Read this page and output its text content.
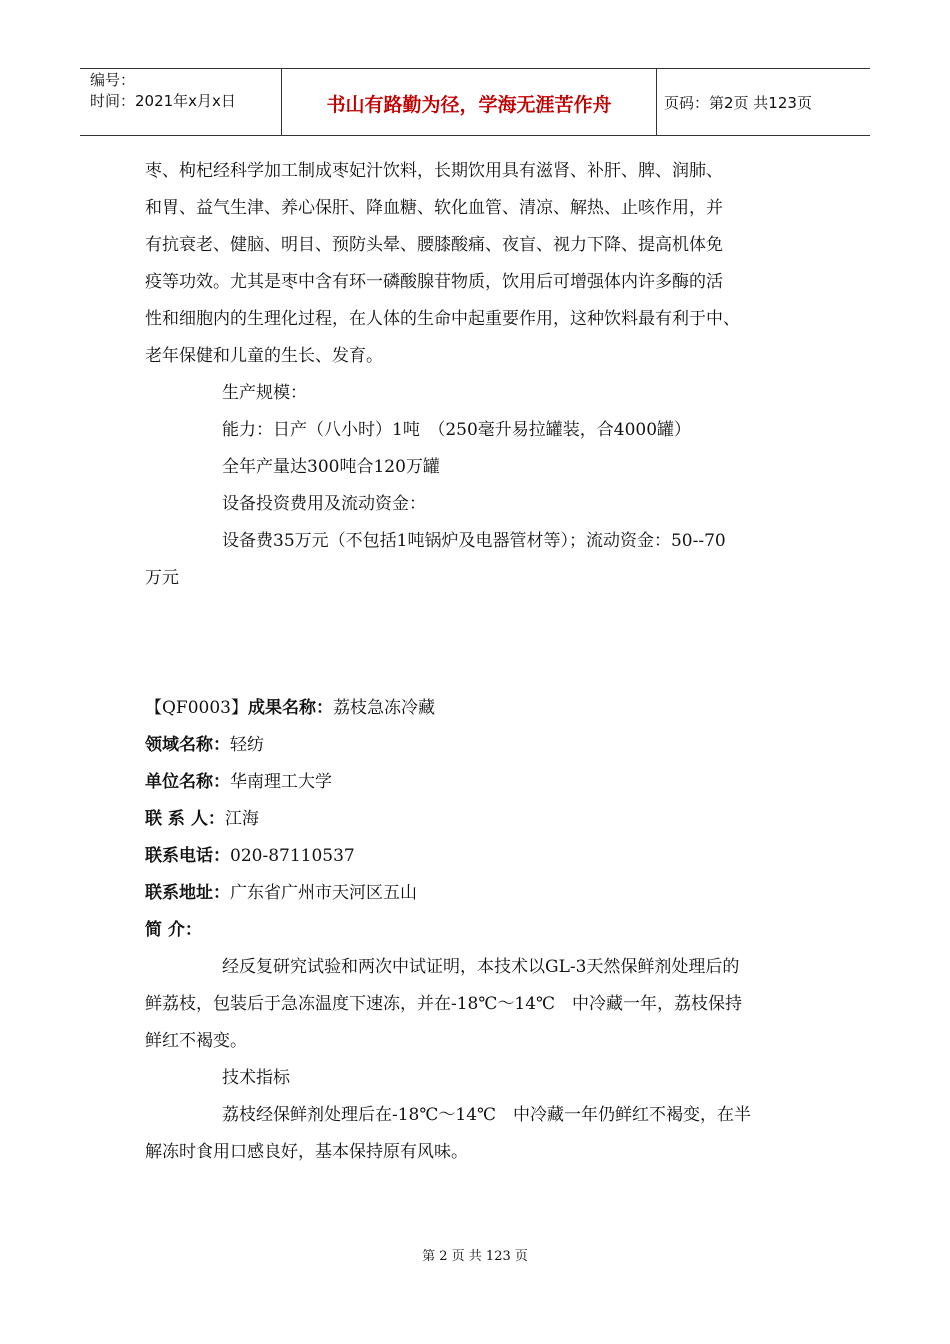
编号：
时间：2021年x月x日	书山有路勤为径，学海无涯苦作舟	页码：第2页 共123页
枣、枸杞经科学加工制成枣妃汁饮料，长期饮用具有滋肾、补肝、脾、润肺、
和胃、益气生津、养心保肝、降血糖、软化血管、清凉、解热、止咳作用，并
有抗衰老、健脑、明目、预防头晕、腰膝酸痛、夜盲、视力下降、提高机体免
疫等功效。尤其是枣中含有环一磷酸腺苷物质，饮用后可增强体内许多酶的活
性和细胞内的生理化过程，在人体的生命中起重要作用，这种饮料最有利于中、
老年保健和儿童的生长、发育。
生产规模：
能力：日产（八小时）1吨　（250毫升易拉罐装，合4000罐）
全年产量达300吨合120万罐
设备投资费用及流动资金：
设备费35万元（不包括1吨锅炉及电器管材等）；流动资金：50--70
万元
【QF0003】成果名称：荔枝急冻冷藏
领域名称：轻纺
单位名称：华南理工大学
联 系 人：江海
联系电话：020-87110537
联系地址：广东省广州市天河区五山
简 介：
经反复研究试验和两次中试证明，本技术以GL-3天然保鲜剂处理后的
鲜荔枝，包装后于急冻温度下速冻，并在-18℃～14℃　中冷藏一年，荔枝保持
鲜红不褐变。
技术指标
荔枝经保鲜剂处理后在-18℃～14℃　中冷藏一年仍鲜红不褐变，在半
解冻时食用口感良好，基本保持原有风味。
第 2 页 共 123 页
